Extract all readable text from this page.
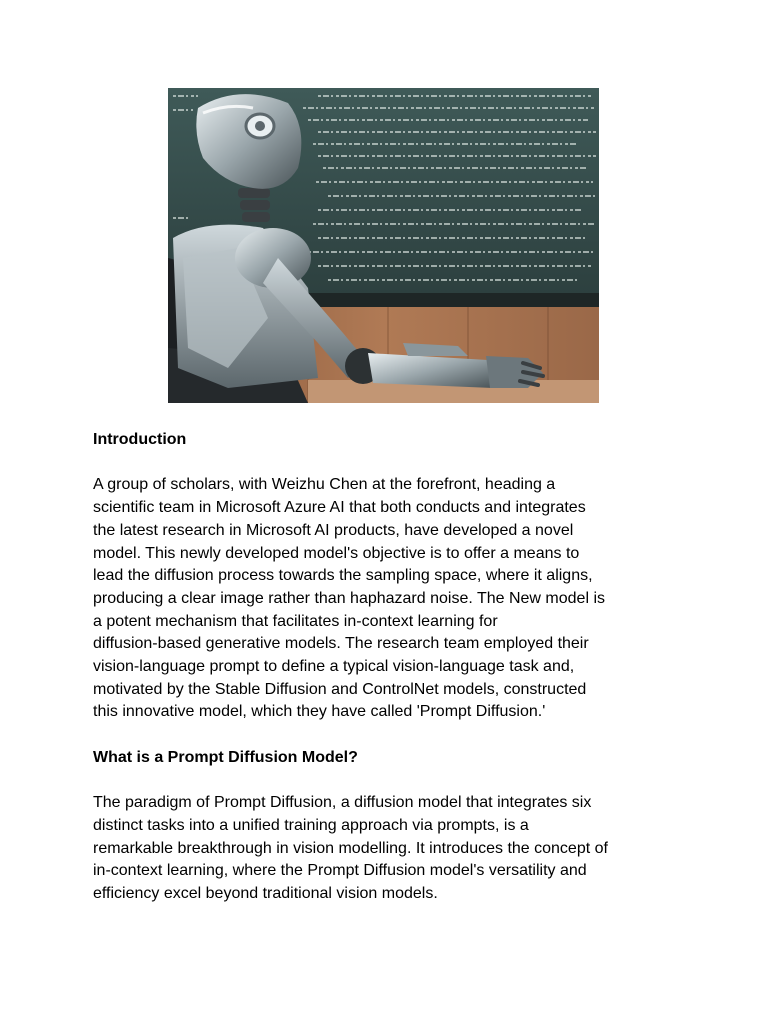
Introduction

A group of scholars, with Weizhu Chen at the forefront, heading a
scientific team in Microsoft Azure AI that both conducts and integrates
the latest research in Microsoft AI products, have developed a novel
model. This newly developed model's objective is to offer a means to
lead the diffusion process towards the sampling space, where it aligns,
producing a clear image rather than haphazard noise. The New model is
a potent mechanism that facilitates in-context learning for
diffusion-based generative models. The research team employed their
vision-language prompt to define a typical vision-language task and,
motivated by the Stable Diffusion and ControlNet models, constructed
this innovative model, which they have called 'Prompt Diffusion.'

What is a Prompt Diffusion Model?

The paradigm of Prompt Diffusion, a diffusion model that integrates six
distinct tasks into a unified training approach via prompts, is a
remarkable breakthrough in vision modelling. It introduces the concept of
in-context learning, where the Prompt Diffusion model's versatility and
efficiency excel beyond traditional vision models.
